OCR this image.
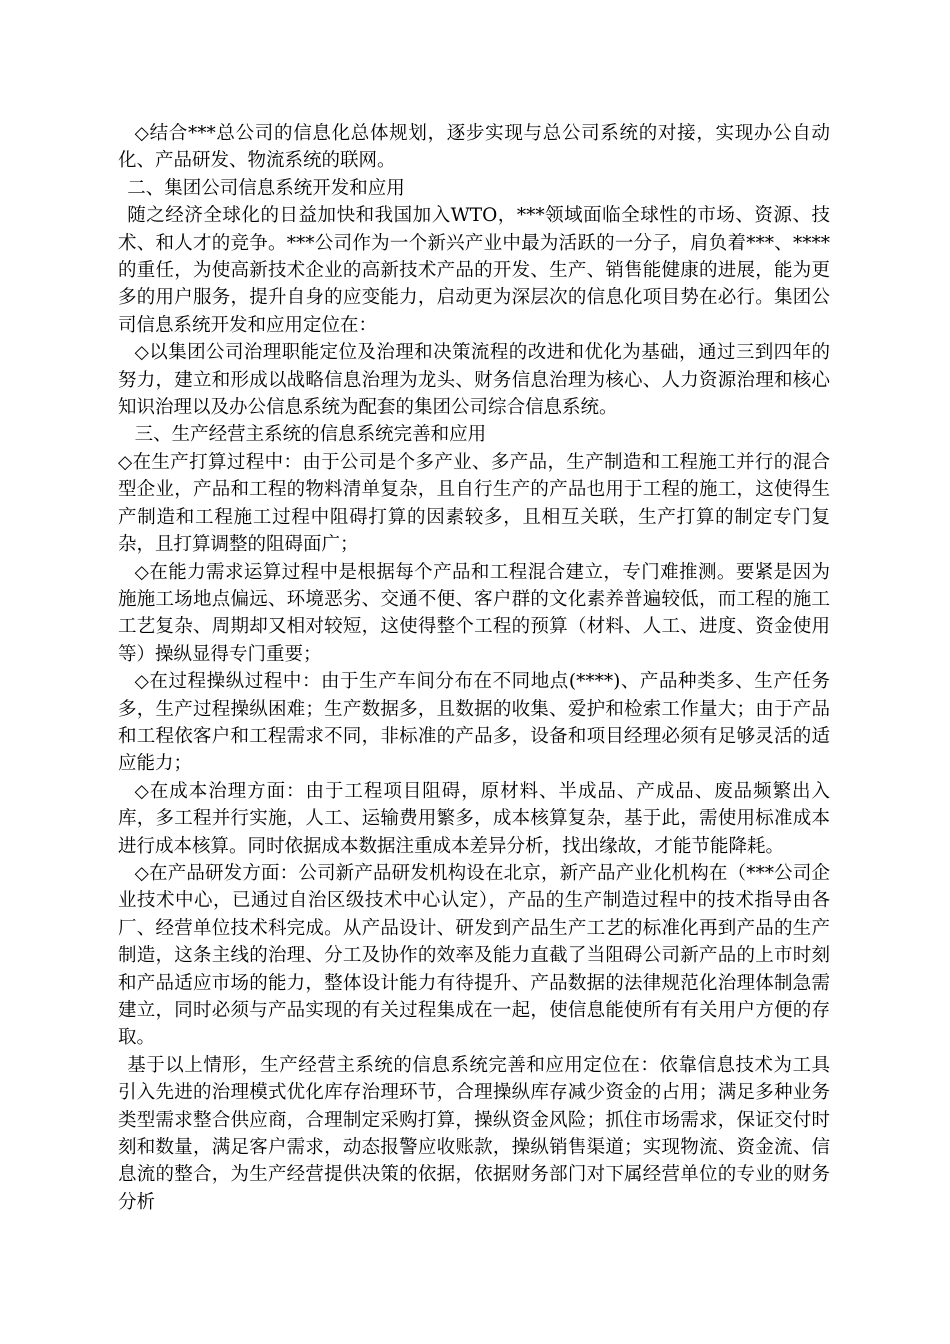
◇结合***总公司的信息化总体规划，逐步实现与总公司系统的对接，实现办公自动化、产品研发、物流系统的联网。

二、集团公司信息系统开发和应用

随之经济全球化的日益加快和我国加入WTO，***领域面临全球性的市场、资源、技术、和人才的竞争。***公司作为一个新兴产业中最为活跃的一分子，肩负着***、****的重任，为使高新技术企业的高新技术产品的开发、生产、销售能健康的进展，能为更多的用户服务，提升自身的应变能力，启动更为深层次的信息化项目势在必行。集团公司信息系统开发和应用定位在：

◇以集团公司治理职能定位及治理和决策流程的改进和优化为基础，通过三到四年的努力，建立和形成以战略信息治理为龙头、财务信息治理为核心、人力资源治理和核心知识治理以及办公信息系统为配套的集团公司综合信息系统。

三、生产经营主系统的信息系统完善和应用

◇在生产打算过程中：由于公司是个多产业、多产品，生产制造和工程施工并行的混合型企业，产品和工程的物料清单复杂，且自行生产的产品也用于工程的施工，这使得生产制造和工程施工过程中阻碍打算的因素较多，且相互关联，生产打算的制定专门复杂，且打算调整的阻碍面广；

◇在能力需求运算过程中是根据每个产品和工程混合建立，专门难推测。要紧是因为施施工场地点偏远、环境恶劣、交通不便、客户群的文化素养普遍较低，而工程的施工工艺复杂、周期却又相对较短，这使得整个工程的预算（材料、人工、进度、资金使用等）操纵显得专门重要；

◇在过程操纵过程中：由于生产车间分布在不同地点(****)、产品种类多、生产任务多，生产过程操纵困难；生产数据多，且数据的收集、爱护和检索工作量大；由于产品和工程依客户和工程需求不同，非标准的产品多，设备和项目经理必须有足够灵活的适应能力；

◇在成本治理方面：由于工程项目阻碍，原材料、半成品、产成品、废品频繁出入库，多工程并行实施，人工、运输费用繁多，成本核算复杂，基于此，需使用标准成本进行成本核算。同时依据成本数据注重成本差异分析，找出缘故，才能节能降耗。

◇在产品研发方面：公司新产品研发机构设在北京，新产品产业化机构在（***公司企业技术中心，已通过自治区级技术中心认定），产品的生产制造过程中的技术指导由各厂、经营单位技术科完成。从产品设计、研发到产品生产工艺的标准化再到产品的生产制造，这条主线的治理、分工及协作的效率及能力直截了当阻碍公司新产品的上市时刻和产品适应市场的能力，整体设计能力有待提升、产品数据的法律规范化治理体制急需建立，同时必须与产品实现的有关过程集成在一起，使信息能使所有有关用户方便的存取。

基于以上情形，生产经营主系统的信息系统完善和应用定位在：依靠信息技术为工具引入先进的治理模式优化库存治理环节，合理操纵库存减少资金的占用；满足多种业务类型需求整合供应商，合理制定采购打算，操纵资金风险；抓住市场需求，保证交付时刻和数量，满足客户需求，动态报警应收账款，操纵销售渠道；实现物流、资金流、信息流的整合，为生产经营提供决策的依据，依据财务部门对下属经营单位的专业的财务分析
